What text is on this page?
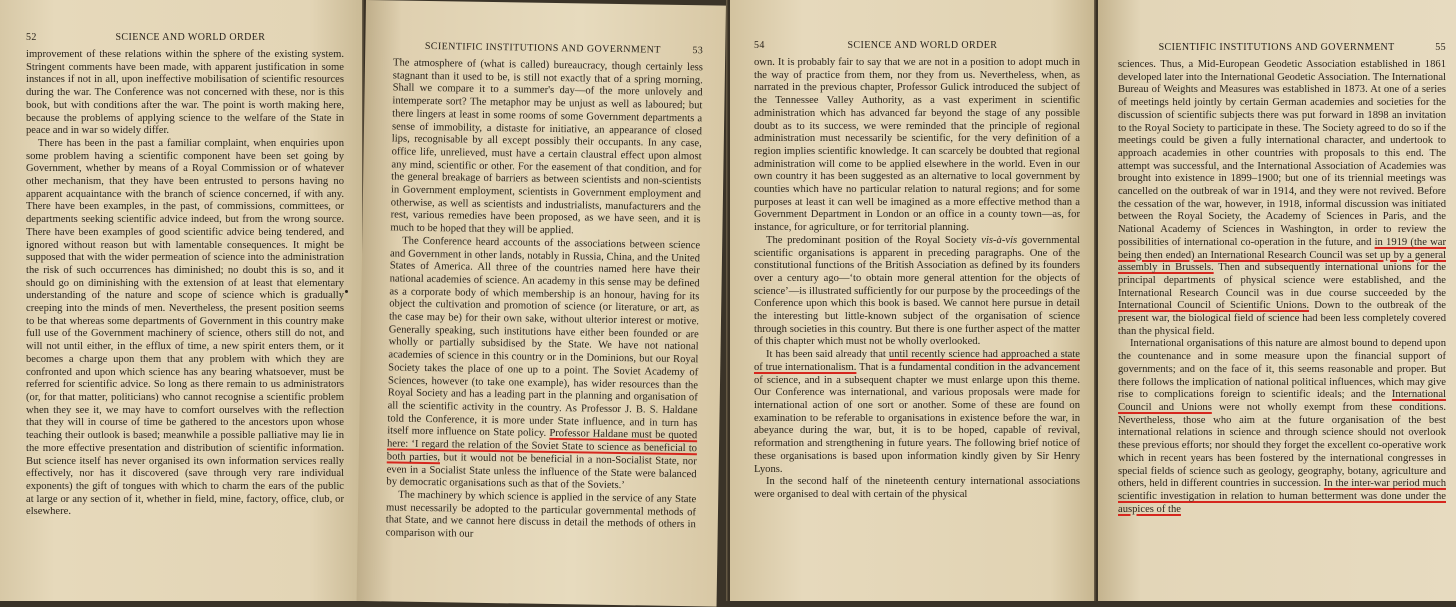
52	SCIENCE AND WORLD ORDER

improvement of these relations within the sphere of the existing system. Stringent comments have been made, with apparent justification in some instances if not in all, upon ineffective mobilisation of scientific resources during the war. The Conference was not concerned with these, nor is this book, but with conditions after the war. The point is worth making here, because the problems of applying science to the welfare of the State in peace and in war so widely differ.

There has been in the past a familiar complaint, when enquiries upon some problem having a scientific component have been set going by Government, whether by means of a Royal Commission or of whatever other mechanism, that they have been entrusted to persons having no apparent acquaintance with the branch of science concerned, if with any. There have been examples, in the past, of commissions, committees, or departments seeking scientific advice indeed, but from the wrong source. There have been examples of good scientific advice being tendered, and ignored without reason but with lamentable consequences. It might be supposed that with the wider permeation of science into the administration the risk of such occurrences has diminished; no doubt this is so, and it should go on diminishing with the extension of at least that elementary understanding of the nature and scope of science which is gradually creeping into the minds of men. Nevertheless, the present position seems to be that whereas some departments of Government in this country make full use of the Government machinery of science, others still do not, and will not until either, in the efflux of time, a new spirit enters them, or it becomes a charge upon them that any problem with which they are confronted and upon which science has any bearing whatsoever, must be referred for scientific advice. So long as there remain to us administrators (or, for that matter, politicians) who cannot recognise a scientific problem when they see it, we may have to comfort ourselves with the reflection that they will in course of time be gathered to the ancestors upon whose teaching their outlook is based; meanwhile a possible palliative may lie in the more effective presentation and distribution of scientific information. But science itself has never organised its own information services really effectively, nor has it discovered (save through very rare individual exponents) the gift of tongues with which to charm the ears of the public at large or any section of it, whether in field, mine, factory, office, club, or elsewhere.

SCIENTIFIC INSTITUTIONS AND GOVERNMENT	53

The atmosphere of (what is called) bureaucracy, though certainly less stagnant than it used to be, is still not exactly that of a spring morning. Shall we compare it to a summer's day—of the more unlovely and intemperate sort? The metaphor may be unjust as well as laboured; but there lingers at least in some rooms of some Government departments a sense of immobility, a distaste for initiative, an appearance of closed lips, recognisable by all except possibly their occupants. In any case, office life, unrelieved, must have a certain claustral effect upon almost any mind, scientific or other. For the easement of that condition, and for the general breakage of barriers as between scientists and non-scientists in Government employment, scientists in Government employment and otherwise, as well as scientists and industrialists, manufacturers and the rest, various remedies have been proposed, as we have seen, and it is much to be hoped that they will be applied.

The Conference heard accounts of the associations between science and Government in other lands, notably in Russia, China, and the United States of America. All three of the countries named here have their national academies of science. An academy in this sense may be defined as a corporate body of which membership is an honour, having for its object the cultivation and promotion of science (or literature, or art, as the case may be) for their own sake, without ulterior interest or motive. Generally speaking, such institutions have either been founded or are wholly or partially subsidised by the State. We have not national academies of science in this country or in the Dominions, but our Royal Society takes the place of one up to a point. The Soviet Academy of Sciences, however (to take one example), has wider resources than the Royal Society and has a leading part in the planning and organisation of all the scientific activity in the country. As Professor J. B. S. Haldane told the Conference, it is more under State influence, and in turn has itself more influence on State policy. Professor Haldane must be quoted here: ‘I regard the relation of the Soviet State to science as beneficial to both parties, but it would not be beneficial in a non-Socialist State, nor even in a Socialist State unless the influence of the State were balanced by democratic organisations such as that of the Soviets.’

The machinery by which science is applied in the service of any State must necessarily be adopted to the particular governmental methods of that State, and we cannot here discuss in detail the methods of others in comparison with our

54	SCIENCE AND WORLD ORDER

own. It is probably fair to say that we are not in a position to adopt much in the way of practice from them, nor they from us. Nevertheless, when, as narrated in the previous chapter, Professor Gulick introduced the subject of the Tennessee Valley Authority, as a vast experiment in scientific administration which has advanced far beyond the stage of any possible doubt as to its success, we were reminded that the principle of regional administration must necessarily be scientific, for the very definition of a region implies scientific knowledge. It can scarcely be doubted that regional administration will come to be applied elsewhere in the world. Even in our own country it has been suggested as an alternative to local government by counties which have no particular relation to natural regions; and for some purposes at least it can well be imagined as a more effective method than a Government Department in London or an office in a county town—as, for instance, for agriculture, or for territorial planning.

The predominant position of the Royal Society vis-à-vis governmental scientific organisations is apparent in preceding paragraphs. One of the constitutional functions of the British Association as defined by its founders over a century ago—‘to obtain more general attention for the objects of science’—is illustrated sufficiently for our purpose by the proceedings of the Conference upon which this book is based. We cannot here pursue in detail the interesting but little-known subject of the organisation of science through societies in this country. But there is one further aspect of the matter of this chapter which must not be wholly overlooked.

It has been said already that until recently science had approached a state of true internationalism. That is a fundamental condition in the advancement of science, and in a subsequent chapter we must enlarge upon this theme. Our Conference was international, and various proposals were made for international action of one sort or another. Some of these are found on examination to be referable to organisations in existence before the war, in abeyance during the war, but, it is to be hoped, capable of revival, reformation and strengthening in future years. The following brief notice of these organisations is based upon information kindly given by Sir Henry Lyons.

In the second half of the nineteenth century international associations were organised to deal with certain of the physical

SCIENTIFIC INSTITUTIONS AND GOVERNMENT	55

sciences. Thus, a Mid-European Geodetic Association established in 1861 developed later into the International Geodetic Association. The International Bureau of Weights and Measures was established in 1873. At one of a series of meetings held jointly by certain German academies and societies for the discussion of scientific subjects there was put forward in 1898 an invitation to the Royal Society to participate in these. The Society agreed to do so if the meetings could be given a fully international character, and undertook to approach academies in other countries with proposals to this end. The attempt was successful, and the International Association of Academies was brought into existence in 1899–1900; but one of its triennial meetings was cancelled on the outbreak of war in 1914, and they were not revived. Before the cessation of the war, however, in 1918, informal discussion was initiated between the Royal Society, the Academy of Sciences in Paris, and the National Academy of Sciences in Washington, in order to review the possibilities of international co-operation in the future, and in 1919 (the war being then ended) an International Research Council was set up by a general assembly in Brussels. Then and subsequently international unions for the principal departments of physical science were established, and the International Research Council was in due course succeeded by the International Council of Scientific Unions. Down to the outbreak of the present war, the biological field of science had been less completely covered than the physical field.

International organisations of this nature are almost bound to depend upon the countenance and in some measure upon the financial support of governments; and on the face of it, this seems reasonable and proper. But there follows the implication of national political influences, which may give rise to complications foreign to scientific ideals; and the International Council and Unions were not wholly exempt from these conditions. Nevertheless, those who aim at the future organisation of the best international relations in science and through science should not overlook these previous efforts; nor should they forget the excellent co-operative work which in recent years has been fostered by the international congresses in special fields of science such as geology, geography, botany, agriculture and others, held in different countries in succession. In the inter-war period much scientific investigation in relation to human betterment was done under the auspices of the
